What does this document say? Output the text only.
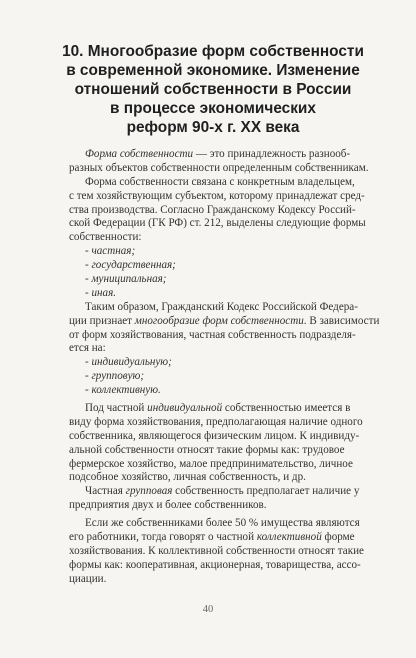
10. Многообразие форм собственности
в современной экономике. Изменение
отношений собственности в России
в процессе экономических
реформ 90-х г. XX века
Форма собственности — это принадлежность разнооб-
разных объектов собственности определенным собственникам.
Форма собственности связана с конкретным владельцем,
с тем хозяйствующим субъектом, которому принадлежат сред-
ства производства. Согласно Гражданскому Кодексу Россий-
ской Федерации (ГК РФ) ст. 212, выделены следующие формы
собственности:
- частная;
- государственная;
- муниципальная;
- иная.
Таким образом, Гражданский Кодекс Российской Федера-
ции признает многообразие форм собственности. В зависимости
от форм хозяйствования, частная собственность подразделя-
ется на:
- индивидуальную;
- групповую;
- коллективную.
Под частной индивидуальной собственностью имеется в
виду форма хозяйствования, предполагающая наличие одного
собственника, являющегося физическим лицом. К индивиду-
альной собственности относят такие формы как: трудовое
фермерское хозяйство, малое предпринимательство, личное
подсобное хозяйство, личная собственность, и др.
Частная групповая собственность предполагает наличие у
предприятия двух и более собственников.
Если же собственниками более 50 % имущества являются
его работники, тогда говорят о частной коллективной форме
хозяйствования. К коллективной собственности относят такие
формы как: кооперативная, акционерная, товарищества, ассо-
циации.
40
